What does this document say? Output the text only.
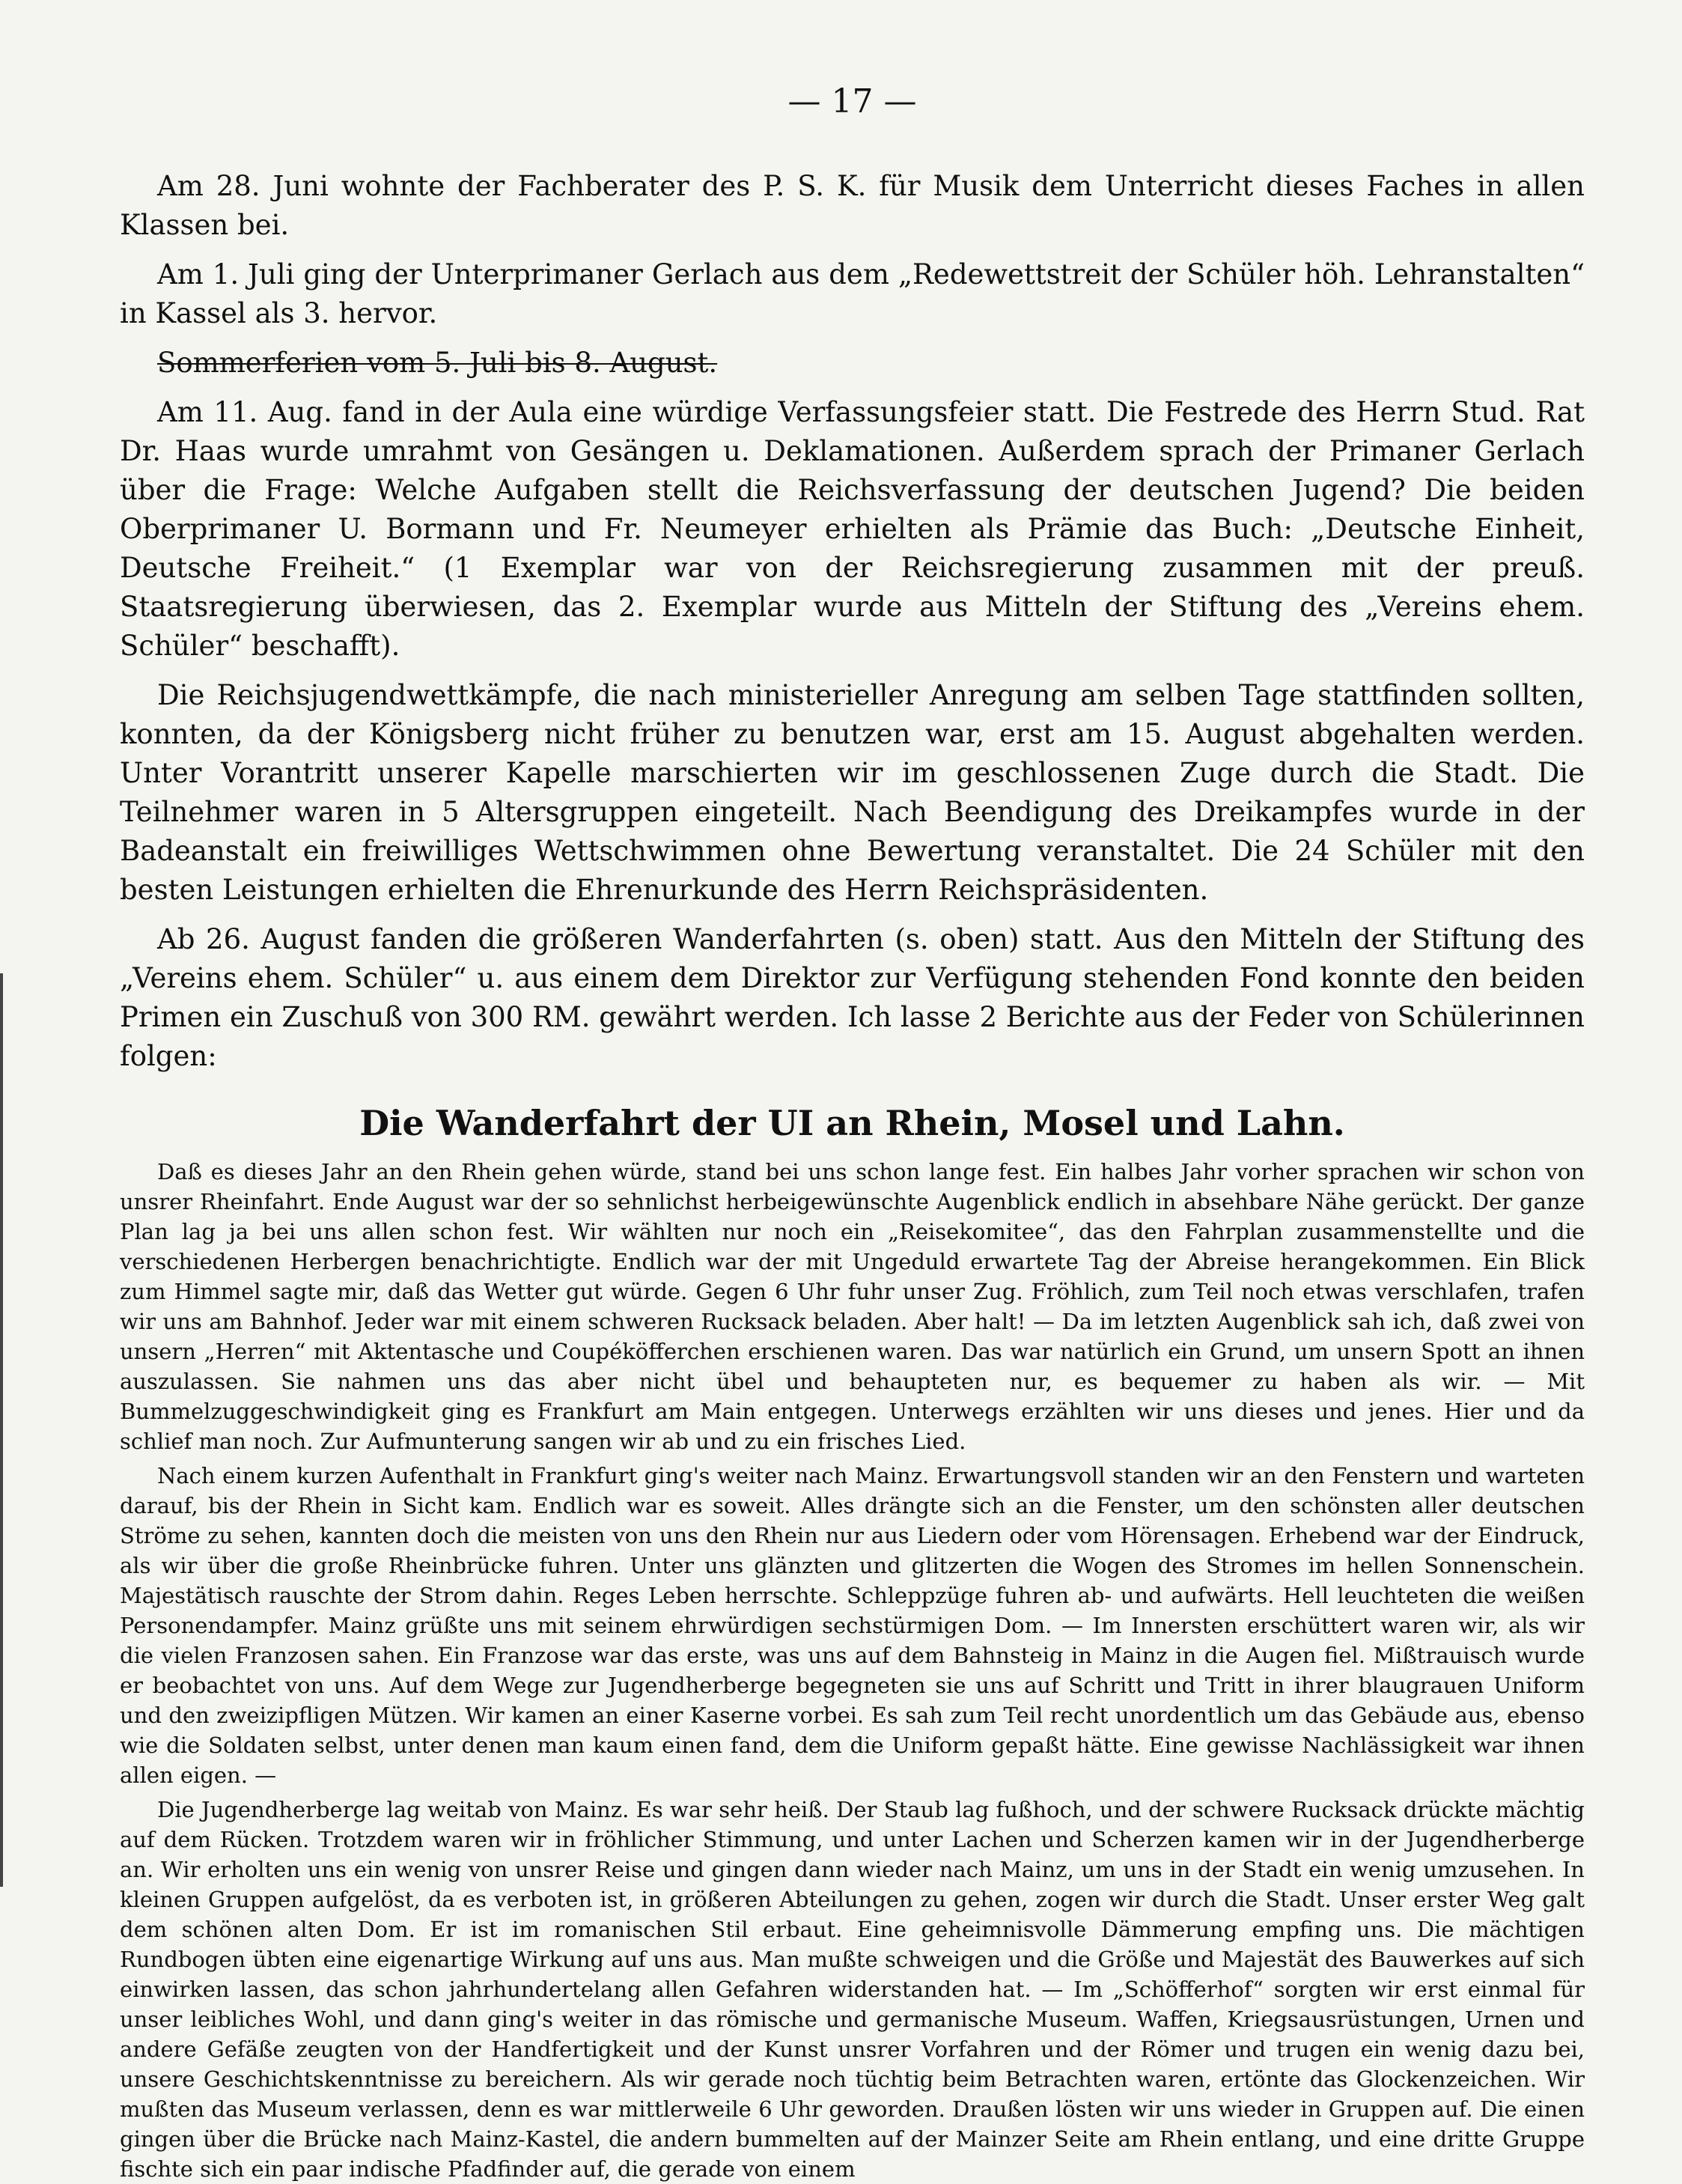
— 17 —

Am 28. Juni wohnte der Fachberater des P. S. K. für Musik dem Unterricht dieses Faches in allen Klassen bei.

Am 1. Juli ging der Unterprimaner Gerlach aus dem „Redewettstreit der Schüler höh. Lehranstalten“ in Kassel als 3. hervor.

Sommerferien vom 5. Juli bis 8. August.

Am 11. Aug. fand in der Aula eine würdige Verfassungsfeier statt. Die Festrede des Herrn Stud. Rat Dr. Haas wurde umrahmt von Gesängen u. Deklamationen. Außerdem sprach der Primaner Gerlach über die Frage: Welche Aufgaben stellt die Reichsverfassung der deutschen Jugend? Die beiden Oberprimaner U. Bormann und Fr. Neumeyer erhielten als Prämie das Buch: „Deutsche Einheit, Deutsche Freiheit.“ (1 Exemplar war von der Reichsregierung zusammen mit der preuß. Staatsregierung überwiesen, das 2. Exemplar wurde aus Mitteln der Stiftung des „Vereins ehem. Schüler“ beschafft).

Die Reichsjugendwettkämpfe, die nach ministerieller Anregung am selben Tage stattfinden sollten, konnten, da der Königsberg nicht früher zu benutzen war, erst am 15. August abgehalten werden. Unter Vorantritt unserer Kapelle marschierten wir im geschlossenen Zuge durch die Stadt. Die Teilnehmer waren in 5 Altersgruppen eingeteilt. Nach Beendigung des Dreikampfes wurde in der Badeanstalt ein freiwilliges Wettschwimmen ohne Bewertung veranstaltet. Die 24 Schüler mit den besten Leistungen erhielten die Ehrenurkunde des Herrn Reichspräsidenten.

Ab 26. August fanden die größeren Wanderfahrten (s. oben) statt. Aus den Mitteln der Stiftung des „Vereins ehem. Schüler“ u. aus einem dem Direktor zur Verfügung stehenden Fond konnte den beiden Primen ein Zuschuß von 300 RM. gewährt werden. Ich lasse 2 Berichte aus der Feder von Schülerinnen folgen:

Die Wanderfahrt der UI an Rhein, Mosel und Lahn.

Daß es dieses Jahr an den Rhein gehen würde, stand bei uns schon lange fest. Ein halbes Jahr vorher sprachen wir schon von unsrer Rheinfahrt. Ende August war der so sehnlichst herbeigewünschte Augenblick endlich in absehbare Nähe gerückt. Der ganze Plan lag ja bei uns allen schon fest. Wir wählten nur noch ein „Reisekomitee“, das den Fahrplan zusammenstellte und die verschiedenen Herbergen benachrichtigte. Endlich war der mit Ungeduld erwartete Tag der Abreise herangekommen. Ein Blick zum Himmel sagte mir, daß das Wetter gut würde. Gegen 6 Uhr fuhr unser Zug. Fröhlich, zum Teil noch etwas verschlafen, trafen wir uns am Bahnhof. Jeder war mit einem schweren Rucksack beladen. Aber halt! — Da im letzten Augenblick sah ich, daß zwei von unsern „Herren“ mit Aktentasche und Coupéköfferchen erschienen waren. Das war natürlich ein Grund, um unsern Spott an ihnen auszulassen. Sie nahmen uns das aber nicht übel und behaupteten nur, es bequemer zu haben als wir. — Mit Bummelzuggeschwindigkeit ging es Frankfurt am Main entgegen. Unterwegs erzählten wir uns dieses und jenes. Hier und da schlief man noch. Zur Aufmunterung sangen wir ab und zu ein frisches Lied.

Nach einem kurzen Aufenthalt in Frankfurt ging's weiter nach Mainz. Erwartungsvoll standen wir an den Fenstern und warteten darauf, bis der Rhein in Sicht kam. Endlich war es soweit. Alles drängte sich an die Fenster, um den schönsten aller deutschen Ströme zu sehen, kannten doch die meisten von uns den Rhein nur aus Liedern oder vom Hörensagen. Erhebend war der Eindruck, als wir über die große Rheinbrücke fuhren. Unter uns glänzten und glitzerten die Wogen des Stromes im hellen Sonnenschein. Majestätisch rauschte der Strom dahin. Reges Leben herrschte. Schleppzüge fuhren ab- und aufwärts. Hell leuchteten die weißen Personendampfer. Mainz grüßte uns mit seinem ehrwürdigen sechstürmigen Dom. — Im Innersten erschüttert waren wir, als wir die vielen Franzosen sahen. Ein Franzose war das erste, was uns auf dem Bahnsteig in Mainz in die Augen fiel. Mißtrauisch wurde er beobachtet von uns. Auf dem Wege zur Jugendherberge begegneten sie uns auf Schritt und Tritt in ihrer blaugrauen Uniform und den zweizipfligen Mützen. Wir kamen an einer Kaserne vorbei. Es sah zum Teil recht unordentlich um das Gebäude aus, ebenso wie die Soldaten selbst, unter denen man kaum einen fand, dem die Uniform gepaßt hätte. Eine gewisse Nachlässigkeit war ihnen allen eigen. —

Die Jugendherberge lag weitab von Mainz. Es war sehr heiß. Der Staub lag fußhoch, und der schwere Rucksack drückte mächtig auf dem Rücken. Trotzdem waren wir in fröhlicher Stimmung, und unter Lachen und Scherzen kamen wir in der Jugendherberge an. Wir erholten uns ein wenig von unsrer Reise und gingen dann wieder nach Mainz, um uns in der Stadt ein wenig umzusehen. In kleinen Gruppen aufgelöst, da es verboten ist, in größeren Abteilungen zu gehen, zogen wir durch die Stadt. Unser erster Weg galt dem schönen alten Dom. Er ist im romanischen Stil erbaut. Eine geheimnisvolle Dämmerung empfing uns. Die mächtigen Rundbogen übten eine eigenartige Wirkung auf uns aus. Man mußte schweigen und die Größe und Majestät des Bauwerkes auf sich einwirken lassen, das schon jahrhundertelang allen Gefahren widerstanden hat. — Im „Schöfferhof“ sorgten wir erst einmal für unser leibliches Wohl, und dann ging's weiter in das römische und germanische Museum. Waffen, Kriegsausrüstungen, Urnen und andere Gefäße zeugten von der Handfertigkeit und der Kunst unsrer Vorfahren und der Römer und trugen ein wenig dazu bei, unsere Geschichtskenntnisse zu bereichern. Als wir gerade noch tüchtig beim Betrachten waren, ertönte das Glockenzeichen. Wir mußten das Museum verlassen, denn es war mittlerweile 6 Uhr geworden. Draußen lösten wir uns wieder in Gruppen auf. Die einen gingen über die Brücke nach Mainz-Kastel, die andern bummelten auf der Mainzer Seite am Rhein entlang, und eine dritte Gruppe fischte sich ein paar indische Pfadfinder auf, die gerade von einem
